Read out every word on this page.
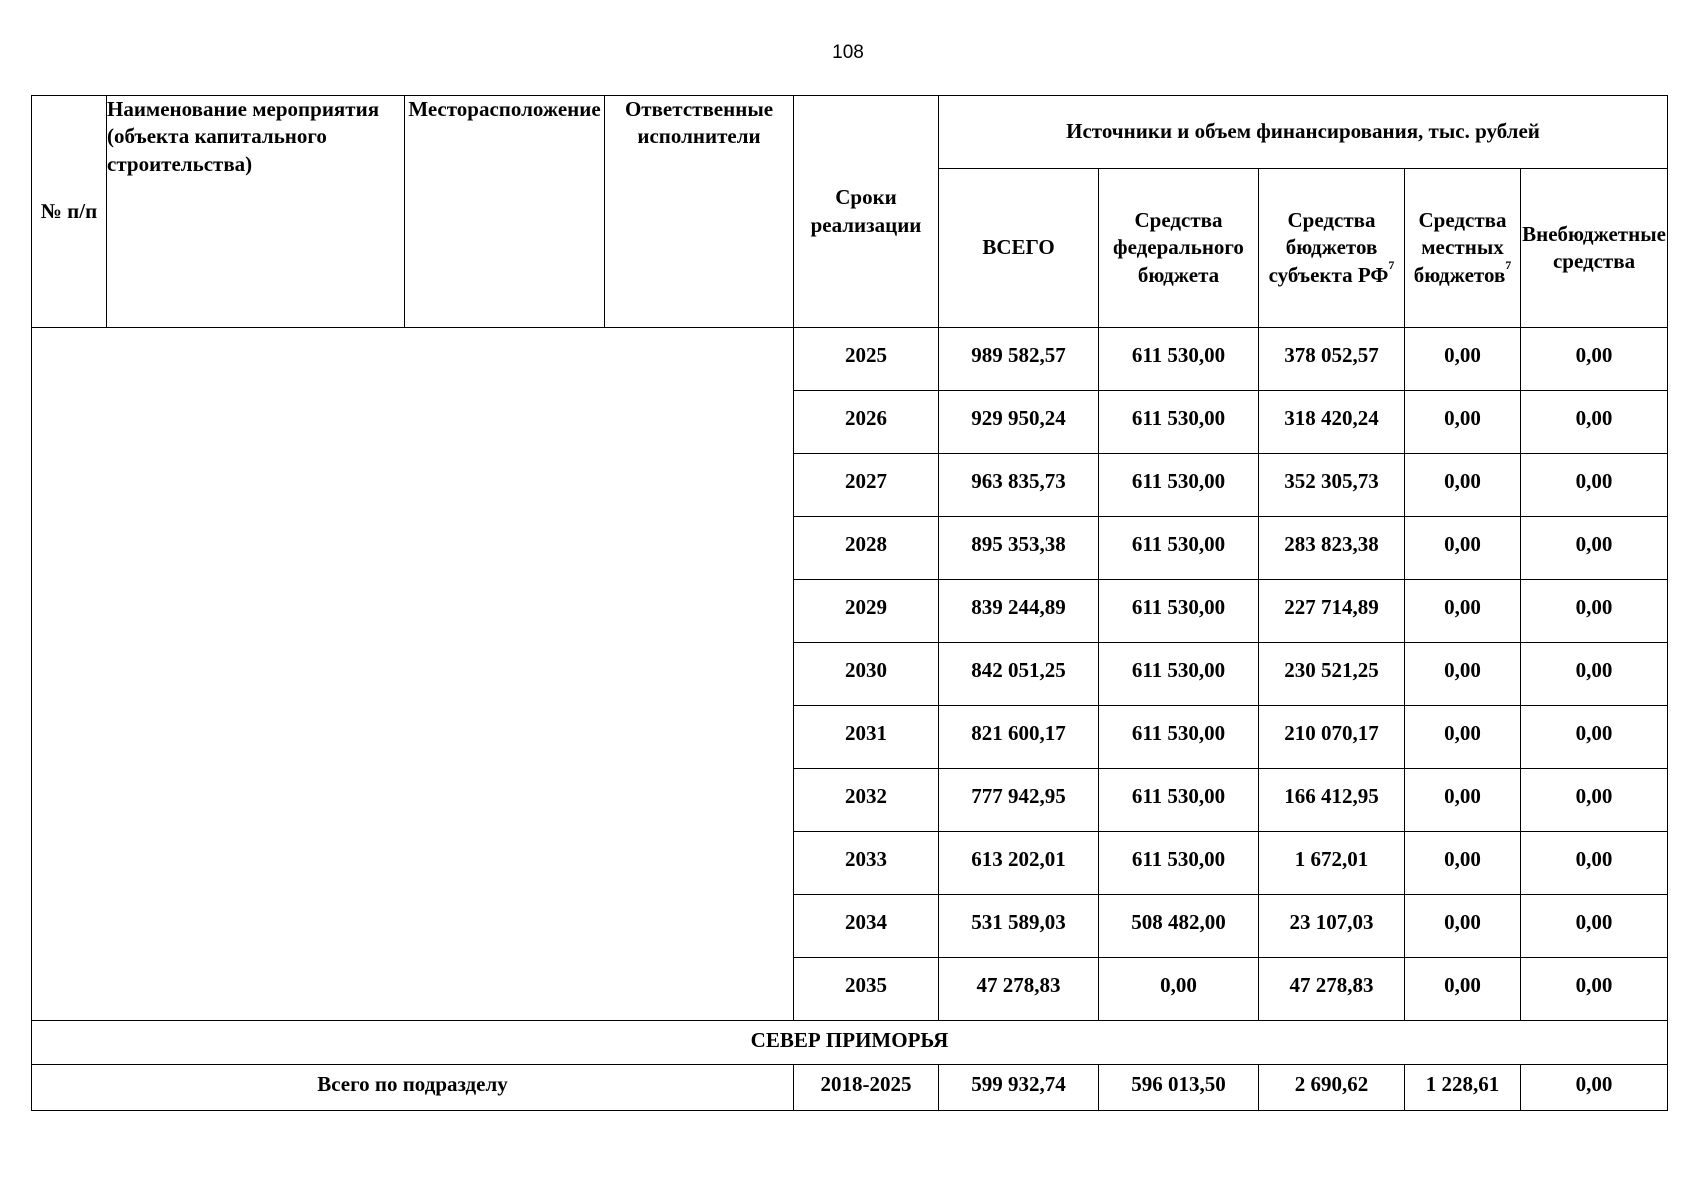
108
№ п/п	Наименование мероприятия (объекта капитального строительства)	Месторасположение	Ответственные исполнители	Сроки реализации	Источники и объем финансирования, тыс. рублей				
					ВСЕГО	Средства федерального бюджета	Средства бюджетов субъекта $РФ^7$	Средства местных бюджетов$^7$	Внебюджетные средства
				2025	989 582,57	611 530,00	378 052,57	0,00	0,00
				2026	929 950,24	611 530,00	318 420,24	0,00	0,00
				2027	963 835,73	611 530,00	352 305,73	0,00	0,00
				2028	895 353,38	611 530,00	283 823,38	0,00	0,00
				2029	839 244,89	611 530,00	227 714,89	0,00	0,00
				2030	842 051,25	611 530,00	230 521,25	0,00	0,00
				2031	821 600,17	611 530,00	210 070,17	0,00	0,00
				2032	777 942,95	611 530,00	166 412,95	0,00	0,00
				2033	613 202,01	611 530,00	1 672,01	0,00	0,00
				2034	531 589,03	508 482,00	23 107,03	0,00	0,00
				2035	47 278,83	0,00	47 278,83	0,00	0,00
СЕВЕР ПРИМОРЬЯ									
Всего по подразделу				2018-2025	599 932,74	596 013,50	2 690,62	1 228,61	0,00
